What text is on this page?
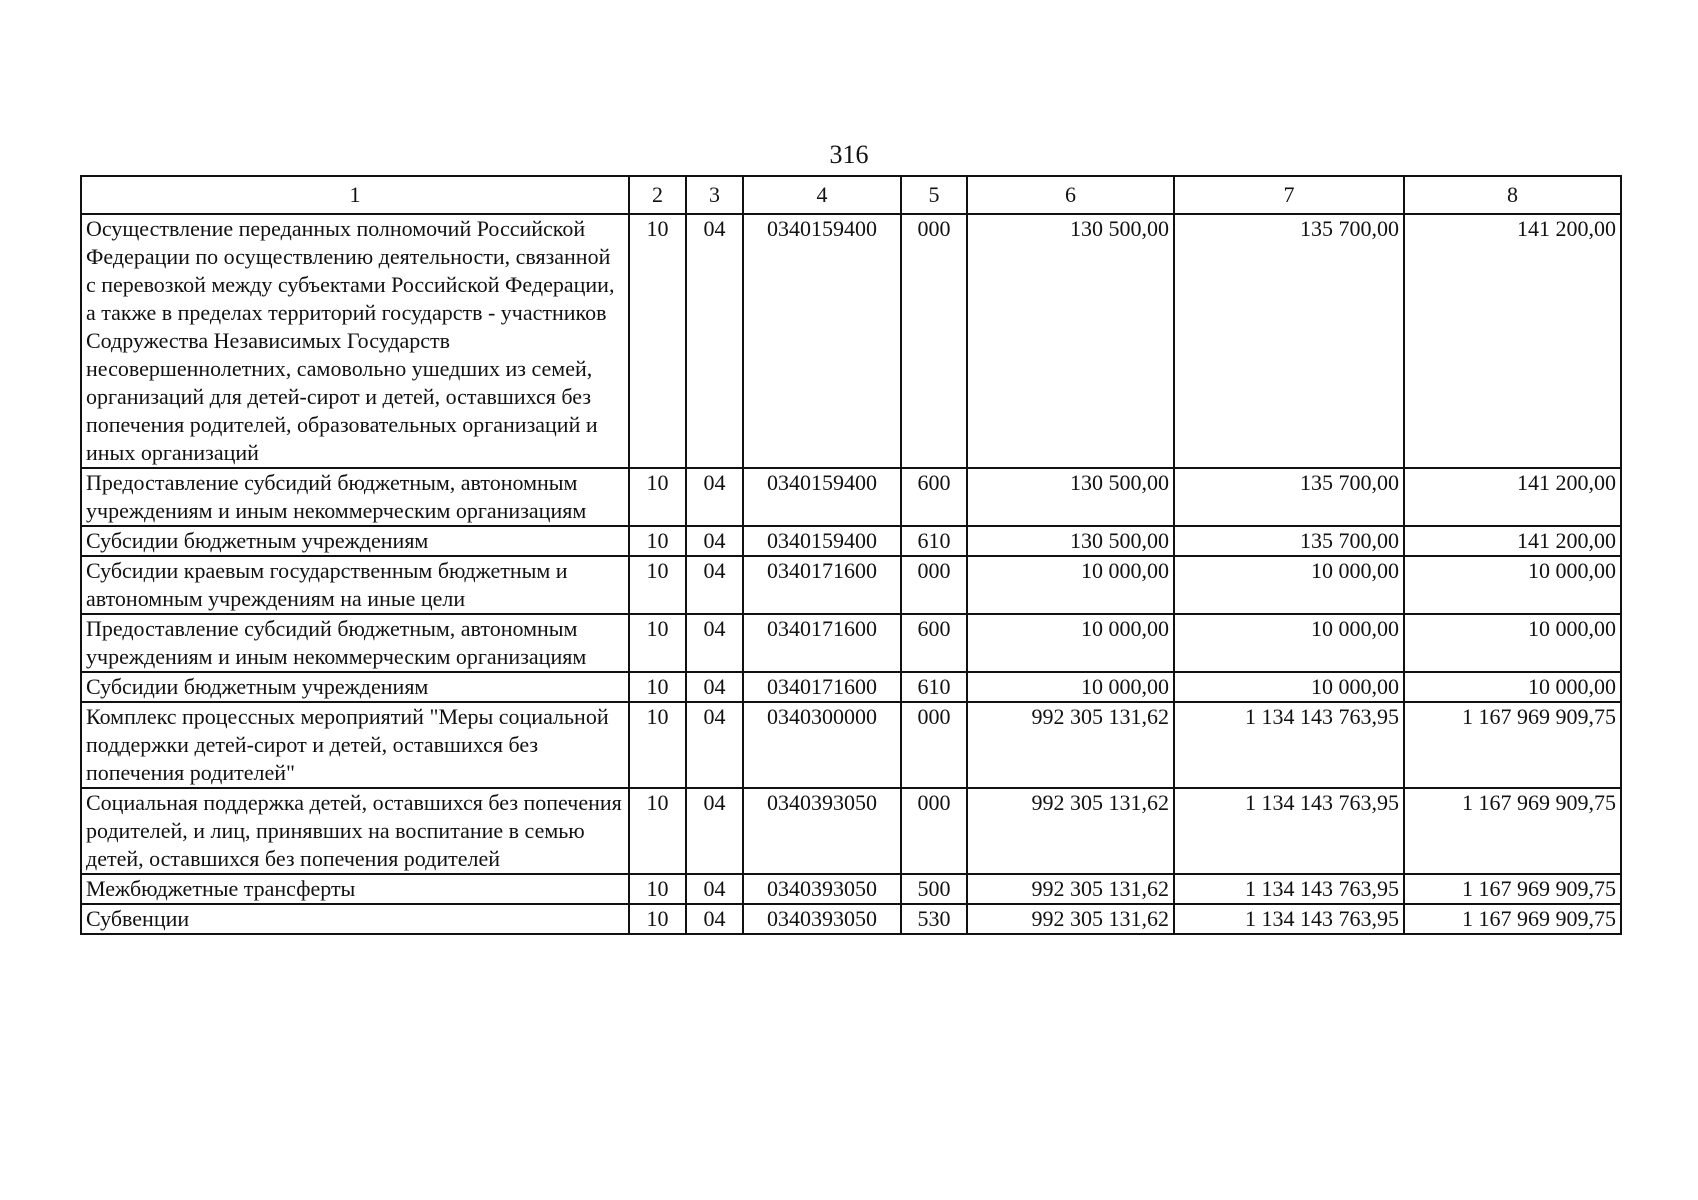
316
1	2	3	4	5	6	7	8
Осуществление переданных полномочий Российской Федерации по осуществлению деятельности, связанной с перевозкой между субъектами Российской Федерации, а также в пределах территорий государств - участников Содружества Независимых Государств несовершеннолетних, самовольно ушедших из семей, организаций для детей-сирот и детей, оставшихся без попечения родителей, образовательных организаций и иных организаций	10	04	0340159400	000	130 500,00	135 700,00	141 200,00
Предоставление субсидий бюджетным, автономным учреждениям и иным некоммерческим организациям	10	04	0340159400	600	130 500,00	135 700,00	141 200,00
Субсидии бюджетным учреждениям	10	04	0340159400	610	130 500,00	135 700,00	141 200,00
Субсидии краевым государственным бюджетным и автономным учреждениям на иные цели	10	04	0340171600	000	10 000,00	10 000,00	10 000,00
Предоставление субсидий бюджетным, автономным учреждениям и иным некоммерческим организациям	10	04	0340171600	600	10 000,00	10 000,00	10 000,00
Субсидии бюджетным учреждениям	10	04	0340171600	610	10 000,00	10 000,00	10 000,00
Комплекс процессных мероприятий "Меры социальной поддержки детей-сирот и детей, оставшихся без попечения родителей"	10	04	0340300000	000	992 305 131,62	1 134 143 763,95	1 167 969 909,75
Социальная поддержка детей, оставшихся без попечения родителей, и лиц, принявших на воспитание в семью детей, оставшихся без попечения родителей	10	04	0340393050	000	992 305 131,62	1 134 143 763,95	1 167 969 909,75
Межбюджетные трансферты	10	04	0340393050	500	992 305 131,62	1 134 143 763,95	1 167 969 909,75
Субвенции	10	04	0340393050	530	992 305 131,62	1 134 143 763,95	1 167 969 909,75
